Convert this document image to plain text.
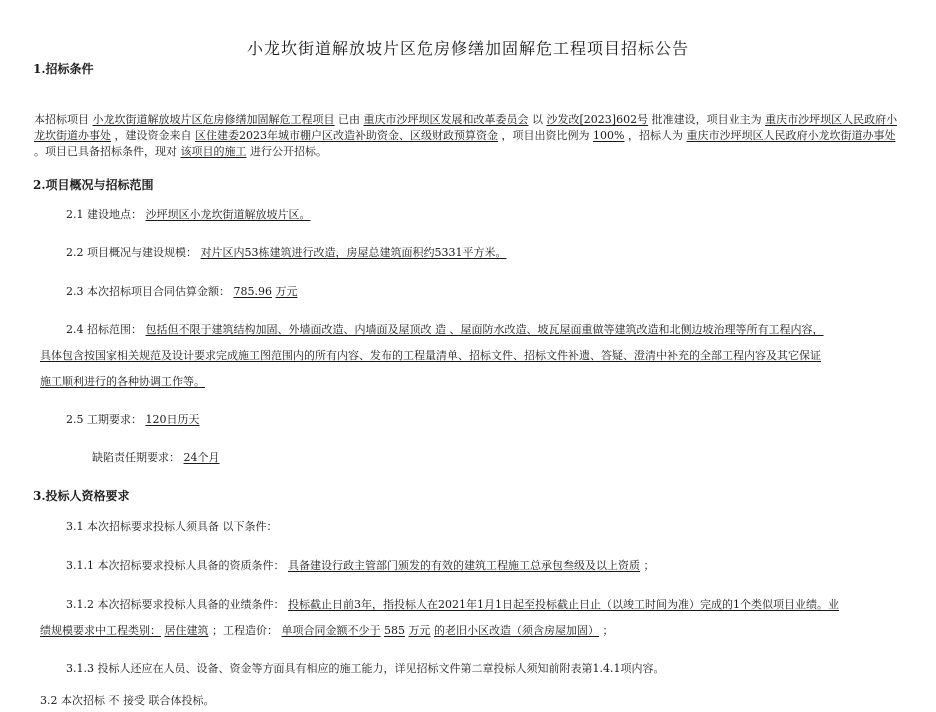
小龙坎街道解放坡片区危房修缮加固解危工程项目招标公告
1.招标条件
本招标项目 小龙坎街道解放坡片区危房修缮加固解危工程项目 已由 重庆市沙坪坝区发展和改革委员会 以 沙发改[2023]602号 批准建设，项目业主为 重庆市沙坪坝区人民政府小龙坎街道办事处 ，建设资金来自 区住建委2023年城市棚户区改造补助资金、区级财政预算资金 ，项目出资比例为 100% ，招标人为 重庆市沙坪坝区人民政府小龙坎街道办事处 。项目已具备招标条件，现对 该项目的施工 进行公开招标。
2.项目概况与招标范围
2.1 建设地点： 沙坪坝区小龙坎街道解放坡片区。
2.2 项目概况与建设规模： 对片区内53栋建筑进行改造，房屋总建筑面积约5331平方米。
2.3 本次招标项目合同估算金额： 785.96 万元
2.4 招标范围： 包括但不限于建筑结构加固、外墙面改造、内墙面及屋顶改 造 、屋面防水改造、坡瓦屋面重做等建筑改造和北侧边坡治理等所有工程内容，
具体包含按国家相关规范及设计要求完成施工图范围内的所有内容、发布的工程量清单、招标文件、招标文件补遗、答疑、澄清中补充的全部工程内容及其它保证
施工顺利进行的各种协调工作等。
2.5 工期要求： 120日历天
缺陷责任期要求： 24个月
3.投标人资格要求
3.1 本次招标要求投标人须具备 以下条件：
3.1.1 本次招标要求投标人具备的资质条件： 具备建设行政主管部门颁发的有效的建筑工程施工总承包叁级及以上资质 ；
3.1.2 本次招标要求投标人具备的业绩条件： 投标截止日前3年，指投标人在2021年1月1日起至投标截止日止（以竣工时间为准）完成的1个类似项目业绩。业
绩规模要求中工程类别： 居住建筑 ；工程造价： 单项合同金额不少于 585 万元 的老旧小区改造（须含房屋加固） ；
3.1.3 投标人还应在人员、设备、资金等方面具有相应的施工能力，详见招标文件第二章投标人须知前附表第1.4.1项内容。
3.2 本次招标 不 接受 联合体投标。
